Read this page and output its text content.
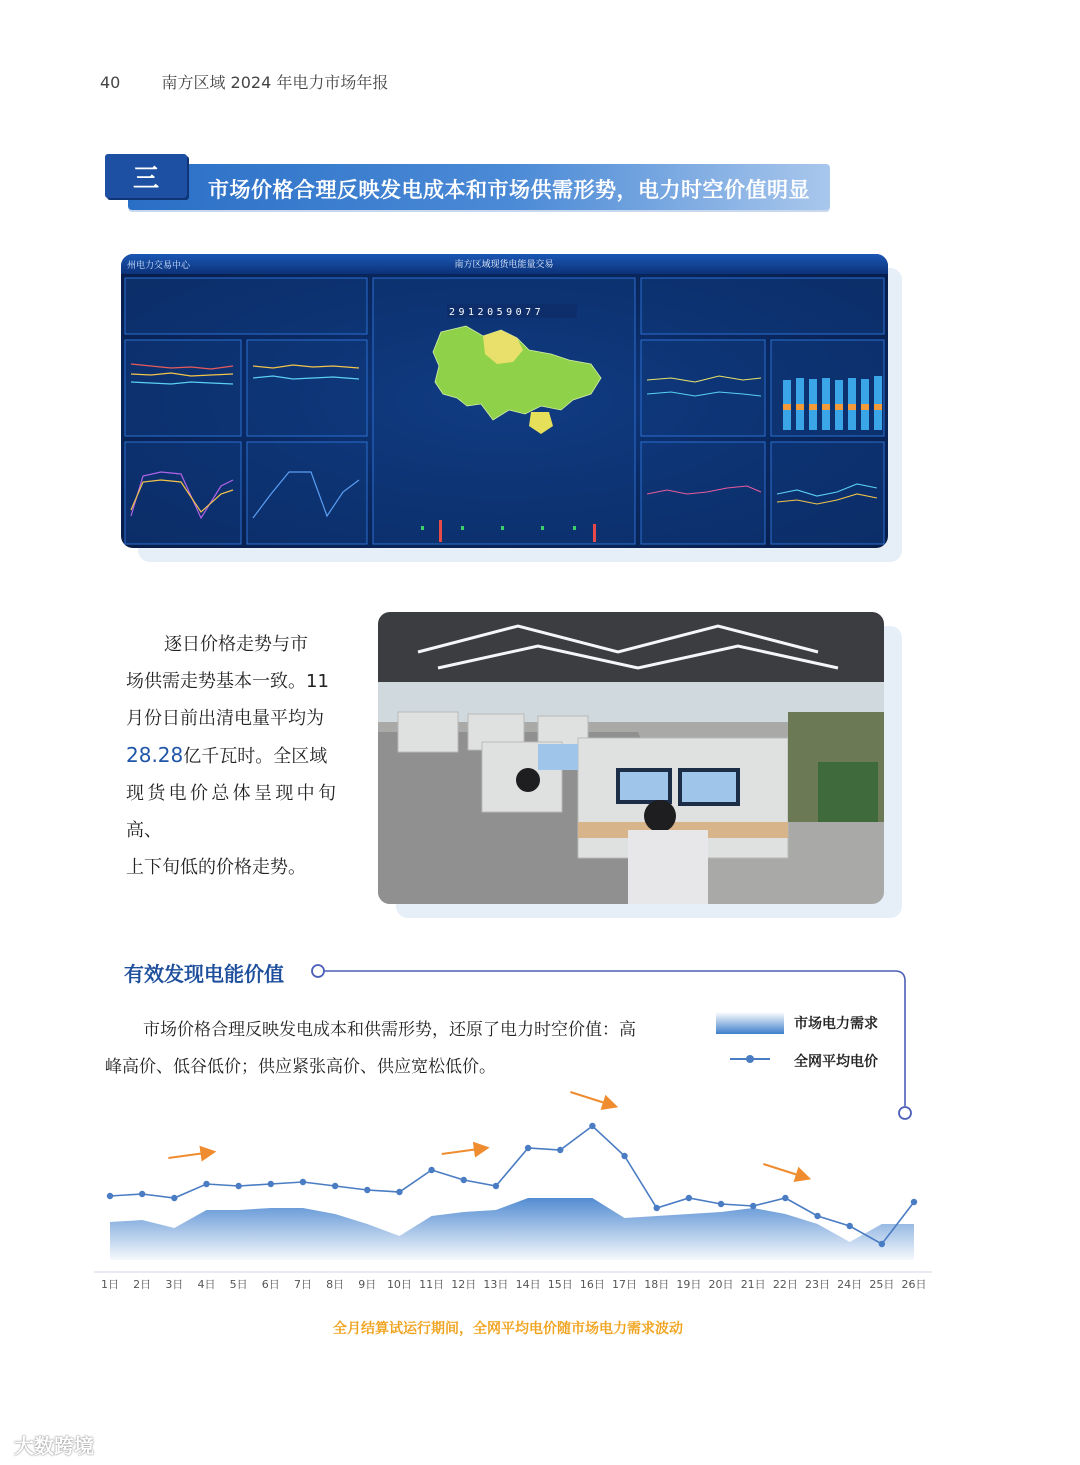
40	南方区域 2024 年电力市场年报
三	市场价格合理反映发电成本和市场供需形势，电力时空价值明显
州电力交易中心	南方区域现货电能量交易
2912059077
逐日价格走势与市
场供需走势基本一致。11
月份日前出清电量平均为
28.28亿千瓦时。全区域
现货电价总体呈现中旬高、
上下旬低的价格走势。
有效发现电能价值
市场价格合理反映发电成本和供需形势，还原了电力时空价值：高
峰高价、低谷低价；供应紧张高价、供应宽松低价。
市场电力需求
全网平均电价
1日 2日 3日 4日 5日 6日 7日 8日 9日 10日 11日 12日 13日 14日 15日 16日 17日 18日 19日 20日 21日 22日 23日 24日 25日 26日
全月结算试运行期间，全网平均电价随市场电力需求波动
大数跨境
